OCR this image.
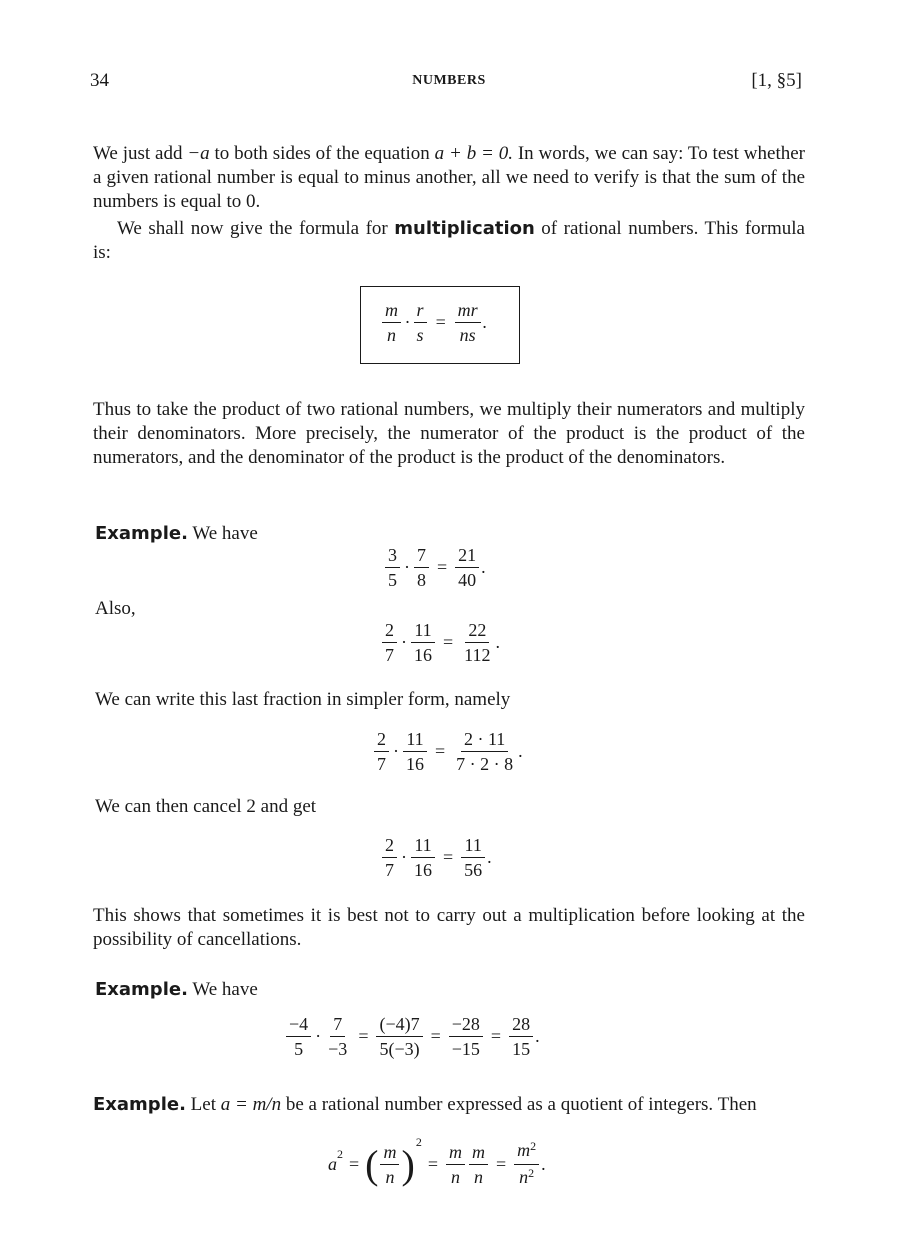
34	NUMBERS	[1, §5]
We just add −a to both sides of the equation a + b = 0. In words, we can say: To test whether a given rational number is equal to minus another, all we need to verify is that the sum of the numbers is equal to 0.
We shall now give the formula for multiplication of rational numbers. This formula is:
$\frac{m}{n} \cdot \frac{r}{s} = \frac{mr}{ns}$ .
Thus to take the product of two rational numbers, we multiply their numerators and multiply their denominators. More precisely, the numerator of the product is the product of the numerators, and the denominator of the product is the product of the denominators.
Example. We have
$\frac{3}{5} \cdot \frac{7}{8} = \frac{21}{40}$ .
Also,
$\frac{2}{7} \cdot \frac{11}{16} = \frac{22}{112}$ .
We can write this last fraction in simpler form, namely
$\frac{2}{7} \cdot \frac{11}{16} = \frac{2 \cdot 11}{7 \cdot 2 \cdot 8}$ .
We can then cancel 2 and get
$\frac{2}{7} \cdot \frac{11}{16} = \frac{11}{56}$ .
This shows that sometimes it is best not to carry out a multiplication before looking at the possibility of cancellations.
Example. We have
$\frac{-4}{5} \cdot \frac{7}{-3} = \frac{(-4)7}{5(-3)} = \frac{-28}{-15} = \frac{28}{15}$ .
Example. Let a = m/n be a rational number expressed as a quotient of integers. Then
a 2 = ( $\frac{m}{n}$ ) 2
= $\frac{m}{n} \frac{m}{n} = \frac{m^2}{n^2}$ .
